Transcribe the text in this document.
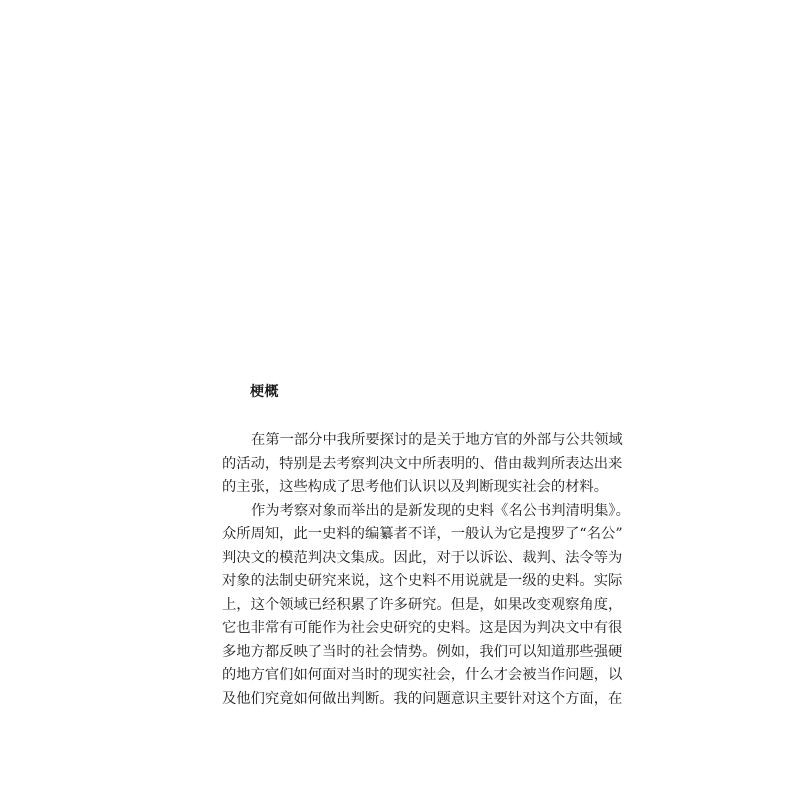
梗概

在第一部分中我所要探讨的是关于地方官的外部与公共领域
的活动，特别是去考察判决文中所表明的、借由裁判所表达出来
的主张，这些构成了思考他们认识以及判断现实社会的材料。

作为考察对象而举出的是新发现的史料《名公书判清明集》。
众所周知，此一史料的编纂者不详，一般认为它是搜罗了“名公”
判决文的模范判决文集成。因此，对于以诉讼、裁判、法令等为
对象的法制史研究来说，这个史料不用说就是一级的史料。实际
上，这个领域已经积累了许多研究。但是，如果改变观察角度，
它也非常有可能作为社会史研究的史料。这是因为判决文中有很
多地方都反映了当时的社会情势。例如，我们可以知道那些强硬
的地方官们如何面对当时的现实社会，什么才会被当作问题，以
及他们究竟如何做出判断。我的问题意识主要针对这个方面，在
